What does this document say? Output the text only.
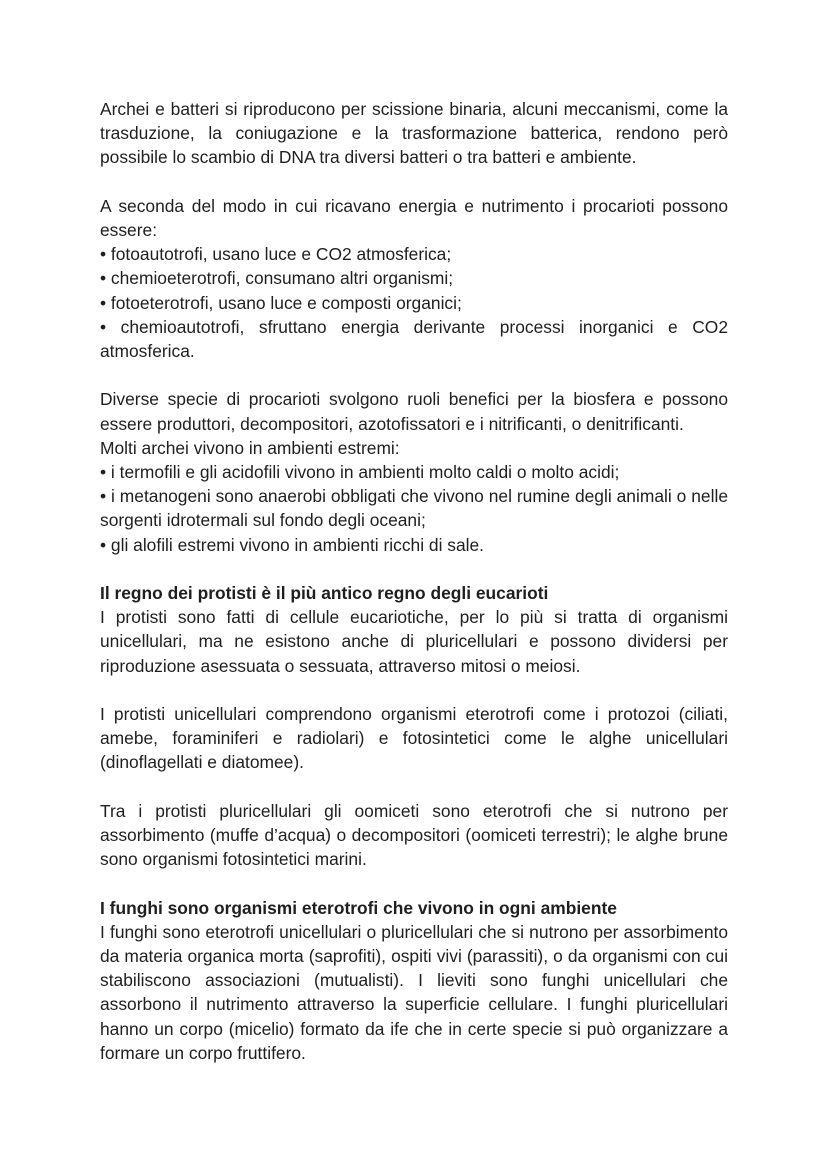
Archei e batteri si riproducono per scissione binaria, alcuni meccanismi, come la trasduzione, la coniugazione e la trasformazione batterica, rendono però possibile lo scambio di DNA tra diversi batteri o tra batteri e ambiente.

A seconda del modo in cui ricavano energia e nutrimento i procarioti possono essere:

• fotoautotrofi, usano luce e CO2 atmosferica;
• chemioeterotrofi, consumano altri organismi;
• fotoeterotrofi, usano luce e composti organici;
• chemioautotrofi, sfruttano energia derivante processi inorganici e CO2 atmosferica.

Diverse specie di procarioti svolgono ruoli benefici per la biosfera e possono essere produttori, decompositori, azotofissatori e i nitrificanti, o denitrificanti.

Molti archei vivono in ambienti estremi:
• i termofili e gli acidofili vivono in ambienti molto caldi o molto acidi;
• i metanogeni sono anaerobi obbligati che vivono nel rumine degli animali o nelle sorgenti idrotermali sul fondo degli oceani;
• gli alofili estremi vivono in ambienti ricchi di sale.

Il regno dei protisti è il più antico regno degli eucarioti

I protisti sono fatti di cellule eucariotiche, per lo più si tratta di organismi unicellulari, ma ne esistono anche di pluricellulari e possono dividersi per riproduzione asessuata o sessuata, attraverso mitosi o meiosi.

I protisti unicellulari comprendono organismi eterotrofi come i protozoi (ciliati, amebe, foraminiferi e radiolari) e fotosintetici come le alghe unicellulari (dinoflagellati e diatomee).

Tra i protisti pluricellulari gli oomiceti sono eterotrofi che si nutrono per assorbimento (muffe d’acqua) o decompositori (oomiceti terrestri); le alghe brune sono organismi fotosintetici marini.

I funghi sono organismi eterotrofi che vivono in ogni ambiente

I funghi sono eterotrofi unicellulari o pluricellulari che si nutrono per assorbimento da materia organica morta (saprofiti), ospiti vivi (parassiti), o da organismi con cui stabiliscono associazioni (mutualisti). I lieviti sono funghi unicellulari che assorbono il nutrimento attraverso la superficie cellulare. I funghi pluricellulari hanno un corpo (micelio) formato da ife che in certe specie si può organizzare a formare un corpo fruttifero.
